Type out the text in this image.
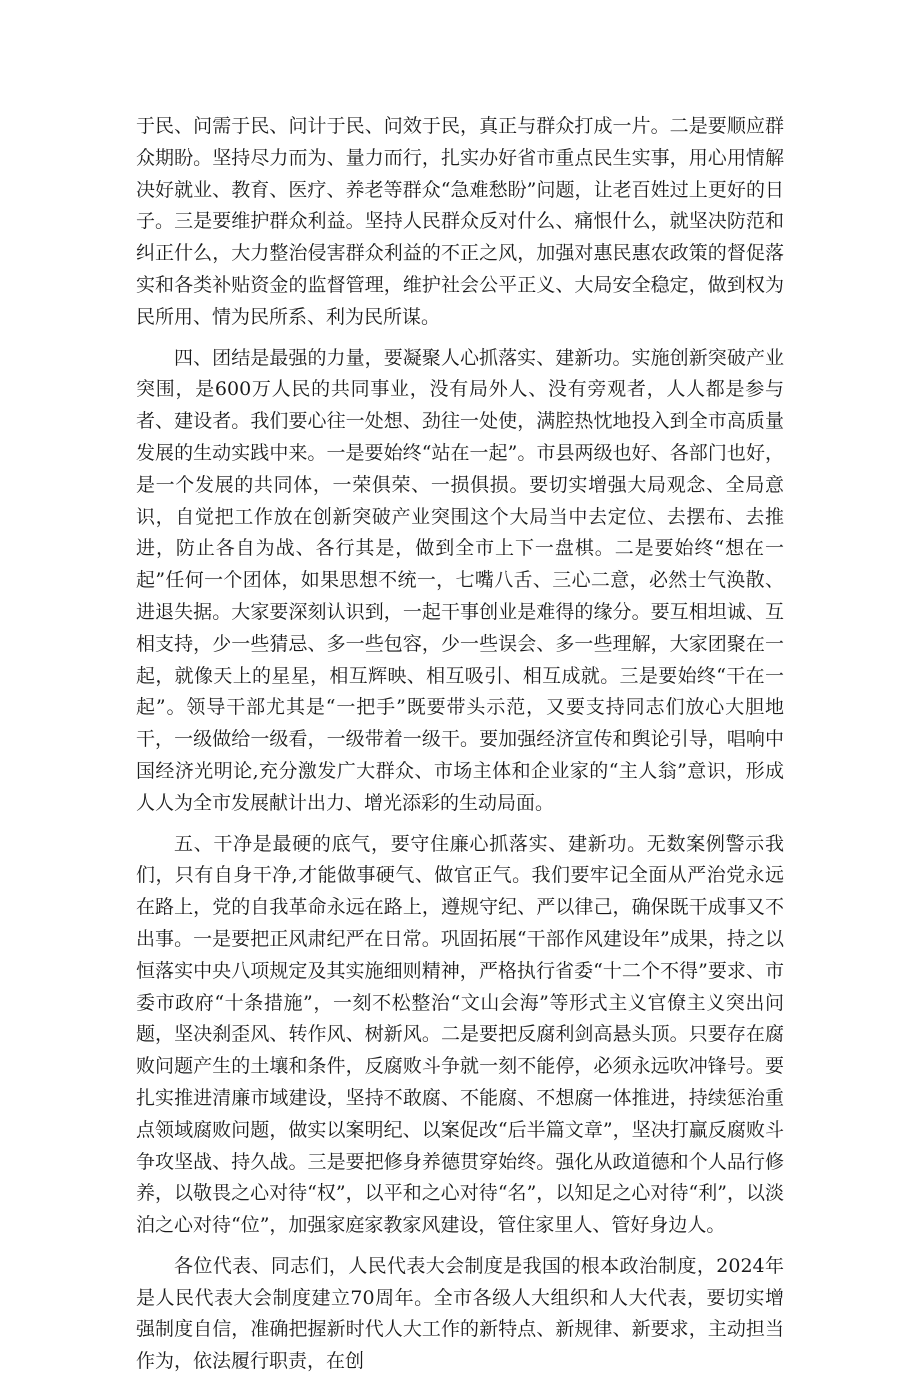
于民、问需于民、问计于民、问效于民，真正与群众打成一片。二是要顺应群众期盼。坚持尽力而为、量力而行，扎实办好省市重点民生实事，用心用情解决好就业、教育、医疗、养老等群众“急难愁盼”问题，让老百姓过上更好的日子。三是要维护群众利益。坚持人民群众反对什么、痛恨什么，就坚决防范和纠正什么，大力整治侵害群众利益的不正之风，加强对惠民惠农政策的督促落实和各类补贴资金的监督管理，维护社会公平正义、大局安全稳定，做到权为民所用、情为民所系、利为民所谋。

四、团结是最强的力量，要凝聚人心抓落实、建新功。实施创新突破产业突围，是600万人民的共同事业，没有局外人、没有旁观者，人人都是参与者、建设者。我们要心往一处想、劲往一处使，满腔热忱地投入到全市高质量发展的生动实践中来。一是要始终“站在一起”。市县两级也好、各部门也好，是一个发展的共同体，一荣俱荣、一损俱损。要切实增强大局观念、全局意识，自觉把工作放在创新突破产业突围这个大局当中去定位、去摆布、去推进，防止各自为战、各行其是，做到全市上下一盘棋。二是要始终“想在一起”任何一个团体，如果思想不统一，七嘴八舌、三心二意，必然士气涣散、进退失据。大家要深刻认识到，一起干事创业是难得的缘分。要互相坦诚、互相支持，少一些猜忌、多一些包容，少一些误会、多一些理解，大家团聚在一起，就像天上的星星，相互辉映、相互吸引、相互成就。三是要始终“干在一起”。领导干部尤其是“一把手”既要带头示范，又要支持同志们放心大胆地干，一级做给一级看，一级带着一级干。要加强经济宣传和舆论引导，唱响中国经济光明论,充分激发广大群众、市场主体和企业家的“主人翁”意识，形成人人为全市发展献计出力、增光添彩的生动局面。

五、干净是最硬的底气，要守住廉心抓落实、建新功。无数案例警示我们，只有自身干净,才能做事硬气、做官正气。我们要牢记全面从严治党永远在路上，党的自我革命永远在路上，遵规守纪、严以律己，确保既干成事又不出事。一是要把正风肃纪严在日常。巩固拓展“干部作风建设年”成果，持之以恒落实中央八项规定及其实施细则精神，严格执行省委“十二个不得”要求、市委市政府“十条措施”，一刻不松整治“文山会海”等形式主义官僚主义突出问题，坚决刹歪风、转作风、树新风。二是要把反腐利剑高悬头顶。只要存在腐败问题产生的土壤和条件，反腐败斗争就一刻不能停，必须永远吹冲锋号。要扎实推进清廉市域建设，坚持不敢腐、不能腐、不想腐一体推进，持续惩治重点领域腐败问题，做实以案明纪、以案促改“后半篇文章”，坚决打赢反腐败斗争攻坚战、持久战。三是要把修身养德贯穿始终。强化从政道德和个人品行修养，以敬畏之心对待“权”，以平和之心对待“名”，以知足之心对待“利”，以淡泊之心对待“位”，加强家庭家教家风建设，管住家里人、管好身边人。

各位代表、同志们，人民代表大会制度是我国的根本政治制度，2024年是人民代表大会制度建立70周年。全市各级人大组织和人大代表，要切实增强制度自信，准确把握新时代人大工作的新特点、新规律、新要求，主动担当作为，依法履行职责，在创
